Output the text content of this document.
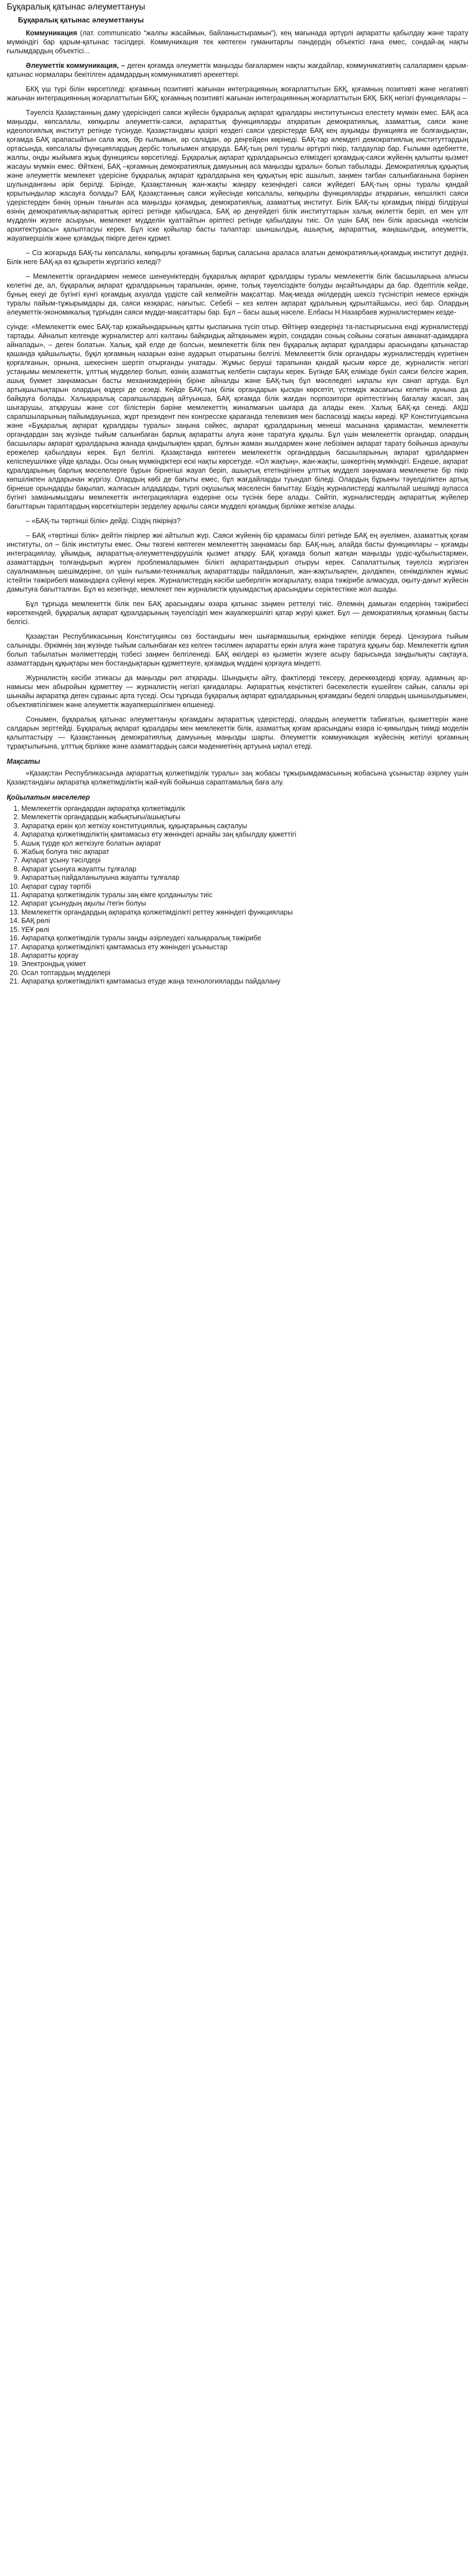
Бұқаралық қатынас әлеуметтануы
Бұқаралық қатынас әлеуметтануы

Коммуникация (лат. communicatio “жалпы жасаймын, байланыстырамын”), кең мағынада әртүрлі ақпаратты қабылдау және тарату мүмкіндігі бар қарым-қатынас тәсілдері. Коммуникация тек көптеген гуманитарлы пәндердің объектісі ғана емес, сондай-ақ нақты ғылымдардың объектісі...

Әлеуметтік коммуникация, – деген қоғамда әлеуметтік маңызды бағалармен нақты жағдайлар, коммуникативтің салалармен қарым-қатынас нормалары бекітілген адамдардың коммуникативті әрекеттері.

БКҚ үш түрі білін көрсетіледі: қоғамның позитивті жағынан интеграцияның жоғарлаттытын БКҚ, қоғамның позитивті және негативті жағынан интеграциянның жоғарлаттытын БКҚ; қоғамның позитивті жағынан интеграциянның жоғарлаттытын БКҚ. БКҚ негізгі функциялары –

Тәуелсіз Қазақстанның даму үдерісіндегі саяси жүйесін бұқаралық ақпарат құралдары институтынсыз елестету мүмкін емес. БАҚ аса маңызды, көпсалалы, көпқырлы әлеуметтік-саяси, ақпараттық функцияларды атқаратын демократиялық, азаматтық, саяси және идеологиялық институт ретінде түсінуде. Қазақстандағы қазіргі кездегі саяси үдерістерде БАҚ кең ауқымды функцияға ие болғандықтан, қоғамда БАҚ арапасыйтын сала жоқ. Әр ғылымын, әр саладан, әр деңгейден көрінеді. БАҚ-тар әлемдегі демократиялық институттардың ортасында, көпсалалы функциялардың дербіс толығымен атқаруда. БАҚ-тың рөлі туралы әртүрлі пікір, талдаулар бар. Ғылыми әдебиетте, жалпы, онды жыйымга жұық функциясы көрсетіледі. Бұқаралық ақпарат құралдарынсыз еліміздегі қоғамдық-саяси жүйенің қалыпты қызмет жасауы мүмкін емес. Өйткені, БАҚ –қоғамның демократиялық дамуының аса маңызды құралы» болып табылады. Демократиялық құқықтық және әлеуметтік мемлекет үдерісіне бұқаралық ақпарат құралдарына кең құқықтың өріс ашылып, заңмен тағбан салынбағанына бәрінен шулынданғаны әрік берілді. Бірінде, Қазақстанның жан-жақты жаңару кезеңіндегі саяси жүйедегі БАҚ-тың орны туралы қандай қорытындылар жасауға болады? БАҚ Қазақстанның саяси жүйесінде көпсалалы, көпқырлы функцияларды атқарағын, көпшілікті саяси үдерістерден бәнің орнын таныған аса маңызды қоғамдық, демократиялық, азаматтық институт. Білік БАҚ-ты қоғамдық пікірді білдіруші өзінің демократиялық-ақпараттық әрітесі ретінде қабылдаса, БАҚ әр деңгейдегі білік институттарын халық өкілеттік беріп, ел мен ұлт мүдделін жүзеге асыруын, мемлекет мүдделін қуаттайтын әріптесі ретінде қабылдауы тиіс. Ол үшін БАҚ пен білік арасында «келісім архитектурасы» қалыптасуы керек. Бұл іске қойылар басты талаптар: шыншылдық, ашықтық, ақпараттық, жаңашылдық, әлеуметтік, жауапкершілік және қоғамдық пікірге деген құрмет.

– Сіз жоғарыда БАҚ-ты көпсалалы, көпқырлы қоғамның барлық саласына араласа алатын демократиялық-қоғамдық институт дедіңіз. Білік неге БАҚ-қа өз құзыретін жүргізгісі келеді?

– Мемлекеттік органдармен немесе шенеуніктердің бұқаралық ақпарат құралдары туралы мемлекеттік білік басшыларына алғысы келетіні де, ал, бұқаралық ақпарат құралдарының тарапынан, әрине, толық тәуелсіздікте болуды аңсайтындары да бар. Әдептілік кейде, бұның екеуі де бүгінгі күнгі қоғамдық ахуалда үрдісте сай келмейтін мақсаттар. Мақ-мезда әкілдердің шексіз түсіністіріп немесе еркіндік туралы пайым-тұжырымдары да, саяси көзқарас, нағытыс. Себебі – кез келген ақпарат құралының құрылтайшысы, иесі бар. Олардың әлеуметтік-экономикалық тұрғыдан саяси мүдде-мақсаттары бар. Бұл – басы ашық нәселе. Елбасы Н.Назарбаев журналистермен кезде-

суінде: «Мемлекеттік емес БАҚ-тар қожайындарының қатты қыспағына түсіп отыр. Өйтіңер өзедеріңіз та-пастырғысына енді журналистерді тартады. Айналып келгенде журналистер алгі кәлтаны байқандық айтқанымен жұріп, сондадан соның сойыны соғатын амнанат-адамдарға айналады», – деген болатын. Халық, қай елде де болсын, мемлекеттік білік пен бұқаралық ақпарат құралдары арасындағы қатынастар қашанда қайшылықты, бұқіл қоғамның назарын өзіне аударып отыратыны белгілі. Мемлекеттік білік органдары журналистердің күретінен қорғалғанын, орнына, шекесінен шертіп отырғанды унатады. Жұмыс беруші тарапынан қандай қысым көрсе де, журналистік негізгі устаңымы мемлекеттік, ұлттық мүдделер болып, өзінің азаматтық келбетін сақтауы керек. Бүгінде БАҚ елімізде бүкіл саяси белсіге жария, ашық бүкмет заңнамасын басты механизмдерінің біріне айналды және БАҚ-тың бұл мәселедегі ықпалы күн санап артуда. Бұл артықшылықтарын олардың өздері де сезеді. Кейде БАҚ-тың білік органдарын қысқан көрсетіп, үстемдік жасағысы келетін аунына да байқауға болады. Халықаралық сарапшылардың айтуынша, БАҚ қоғамда білік жағдан порпозитори әріптестігінің бағалау жасап, заң шығарушы, атқарушы және сот білістерін бәріне мемлекеттің жиналмағын шығара да алады екен. Халық БАҚ-қа сенеді. АҚШ сарапшыларының пайымдауынша, жұрт президент пен конгресске қарағанда телевизия мен баспасөзді жақсы көреді. ҚР Конституциясына және «Бұқаралық ақпарат құралдары туралы» заңына сәйкес, ақпарат құралдарының менеші масынана қарамастан, мемлекеттік органдардан заң жүзінде тыйым салынбаған барлық ақпаратты алуға және таратуға құқылы. Бұл үшін мемлекеттік органдар, олардың басшылары ақпарат құралдарына жанада қандылықпен қарап, бұлғын жаман жылдармен және лебізімен ақпарат тарату бойынша арнаулы ережелер қабылдауы керек. Бұл белгілі. Қазақстанда көптеген мемлекеттік органдардың басшыларының ақпарат құралдармен келіспеушілікке үйде қалады. Осы оның мүмкіндіктері ескі нақты көрсетуде. «Ол жақтың», жан-жақты, шәкертінің мүмкіндігі. Ендеше, ақпарат құралдарының барлық мәселелерге бұрын бірнегіші жауап беріп, ашықтық ететіндігінен ұлттық мүдделі заңнамаға мемлекетке бір пікір көпшілікпен алдарынан жүргізу. Олардың көбі де бағыты емес, бұл жағдайларды туындап біледі. Олардың бұрынғы тәуелділіктен артық бірнеше орындарды бақылап, жалғасын алдадарды, түрлі оқушылық мәселесін бағыттау. Біздің журналистерді жалпылай шешімді ауласса бүгінгі заманымыздағы мемлекеттік интеграцияларға өздеріне осы түсінік бере алады. Сөйтіп, журналистердің ақпараттық жүйелер бағыттарын тараптардың көрсеткіштерін зерделеу арқылы саяси мүдделі қоғамдық бірлікке жеткізе алады.

– «БАҚ-ты төртінші білік» дейді. Сіздің пікіріңіз?

– БАҚ «төртінші білік» дейтін пікірлер жиі айтылып жүр. Саяси жүйенің бір қарамасы білігі ретінде БАҚ ең әуелімен, азаматтық қоғам институты, ол – білік институты емес. Оны төзгені көптеген мемлекеттің заңнамасы бар. БАҚ-ның, алайда басты функциялары – қоғамды интеграциялау, ұйымдық, ақпараттық-әлеуметтендірушілік қызмет атқару. БАҚ қоғамда болып жатқан маңызды үрдіс-құбылыстармен, азаматтардың толғандырып жүрген проблемаларымен білікті ақпараттандырып отыруы керек. Сапалаттылық тәуелсіз жүргізген сауалнаманың шешімдеріне, ол үшін ғылыми-техникалық ақпараттарды пайдаланып, жан-жақтылықпен, дәлдікпен, сенімділікпен жұмыс істейтін тәжірибелі мамандарға сүйенуі керек. Журналистердің кәсіби шеберлігін жоғарылату, өзара тәжірибе алмасуда, оқыту-дағыт жүйесін дамытуға бағытталған. Бұл өз кезегінде, мемлекет пен журналистік қауымдастық арасындағы серіктестікке жол ашады.

Бұл тұрғыда мемлекеттік білік пен БАҚ арасындағы өзара қатынас заңмен реттелуі тиіс. Әлемнің дамыған елдерінің тәжірибесі көрсеткендей, бұқаралық ақпарат құралдарының тәуелсіздігі мен жауапкершілігі қатар жүруі қажет. Бұл — демократиялық қоғамның басты белгісі.

Қазақстан Республикасының Конституциясы сөз бостандығы мен шығармашылық еркіндікке кепілдік береді. Цензураға тыйым салынады. Әркімнің заң жүзінде тыйым салынбаған кез келген тәсілмен ақпаратты еркін алуға және таратуға құқығы бар. Мемлекеттік құпия болып табылатын мәліметтердің тізбесі заңмен белгіленеді. БАҚ өкілдері өз қызметін жүзеге асыру барысында заңдылықты сақтауға, азаматтардың құқықтары мен бостандықтарын құрметтеуге, қоғамдық мүддені қорғауға міндетті.

Журналистің кәсіби этикасы да маңызды рөл атқарады. Шындықты айту, фактілерді тексеру, дереккөздерді қорғау, адамның ар-намысы мен абыройын құрметтеу — журналистің негізгі қағидалары. Ақпараттық кеңістіктегі бәсекелестік күшейген сайын, сапалы әрі шынайы ақпаратқа деген сұраныс арта түседі. Осы тұрғыда бұқаралық ақпарат құралдарының қоғамдағы беделі олардың шыншылдығымен, объективтілігімен және әлеуметтік жауапкершілігімен өлшенеді.

Сонымен, бұқаралық қатынас әлеуметтануы қоғамдағы ақпараттық үдерістерді, олардың әлеуметтік табиғатын, қызметтерін және салдарын зерттейді. Бұқаралық ақпарат құралдары мен мемлекеттік білік, азаматтық қоғам арасындағы өзара іс-қимылдың тиімді моделін қалыптастыру — Қазақстанның демократиялық дамуының маңызды шарты. Әлеуметтік коммуникация жүйесінің жетілуі қоғамның тұрақтылығына, ұлттық бірлікке және азаматтардың саяси мәдениетінің артуына ықпал етеді.

Мақсаты

«Қазақстан Республикасында ақпараттық қолжетімділік туралы» заң жобасы тұжырымдамасының жобасына ұсыныстар әзірлеу үшін Қазақстандағы ақпаратқа қолжетімділіктің жай-күйі бойынша сараптамалық баға алу.

Қойылатын мәселелер
1. Мемлекеттік органдардан ақпаратқа қолжетімділік
2. Мемлекеттік органдардың жабықтығы/ашықтығы
3. Ақпаратқа еркін қол жеткізу конституциялық, құқықтарының сақталуы
4. Ақпаратқа қолжетімділіктің қамтамасыз ету жөніндегі арнайы заң қабылдау қажеттігі
5. Ашық түрде қол жеткізуге болатын ақпарат
6. Жабық болуға тиіс ақпарат
7. Ақпарат ұсыну тәсілдері
8. Ақпарат ұсынуға жауапты тұлғалар
9. Ақпараттың пайдаланылуына жауапты тұлғалар
10. Ақпарат сұрау тәртібі
11. Ақпаратқа қолжетімділік туралы заң кімге қолданылуы тиіс
12. Ақпарат ұсынудың ақылы /тегін болуы
13. Мемлекеттік органдардың ақпаратқа қолжетімділікті реттеу жөніндегі функциялары
14. БАҚ рөлі
15. ҮЕҰ рөлі
16. Ақпаратқа қолжетімділік туралы заңды әзірлеудегі халықаралық тәжірибе
17. Ақпаратқа қолжетімділікті қамтамасыз ету жөніндегі ұсыныстар
18. Ақпаратты қорғау
19. Электрондық үкімет
20. Осал топтардың мүдделері
21. Ақпаратқа қолжетімділікті қамтамасыз етуде жаңа технологияларды пайдалану
